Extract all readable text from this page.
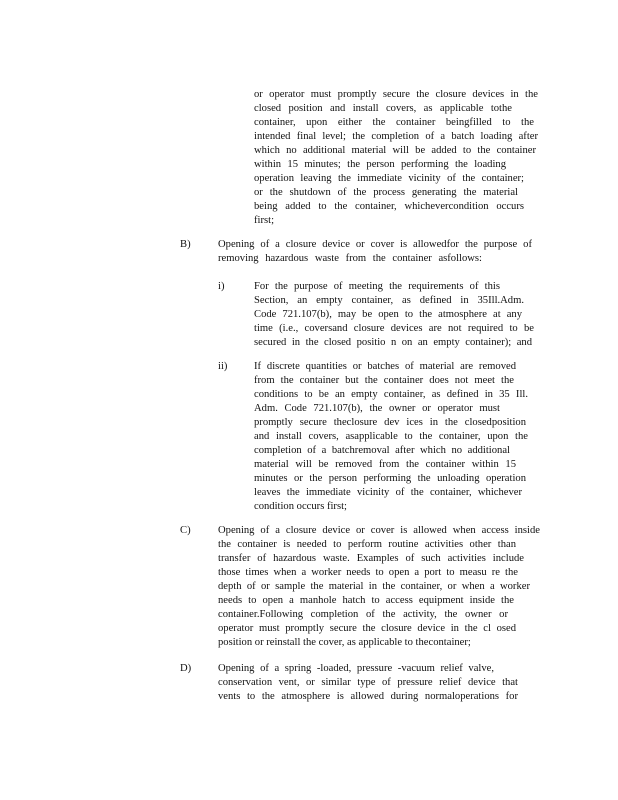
or operator must promptly secure the closure devices in the
closed position and install covers, as applicable tothe
container, upon either the container beingfilled to the
intended final level; the completion of a batch loading after
which no additional material will be added to the container
within 15 minutes; the person performing the loading
operation leaving the immediate vicinity of the container;
or the shutdown of the process generating the material
being added to the container, whichevercondition occurs
first;
B)	Opening of a closure device or cover is allowedfor the purpose of
removing hazardous waste from the container asfollows:
i)	For the purpose of meeting the requirements of this
Section, an empty container, as defined in 35Ill.Adm.
Code 721.107(b), may be open to the atmosphere at any
time (i.e., coversand closure devices are not required to be
secured in the closed positio n on an empty container); and
ii)	If discrete quantities or batches of material are removed
from the container but the container does not meet the
conditions to be an empty container, as defined in 35 Ill.
Adm. Code 721.107(b), the owner or operator must
promptly secure theclosure dev ices in the closedposition
and install covers, asapplicable to the container, upon the
completion of a batchremoval after which no additional
material will be removed from the container within 15
minutes or the person performing the unloading operation
leaves the immediate vicinity of the container, whichever
condition occurs first;
C)	Opening of a closure device or cover is allowed when access inside
the container is needed to perform routine activities other than
transfer of hazardous waste. Examples of such activities include
those times when a worker needs to open a port to measu re the
depth of or sample the material in the container, or when a worker
needs to open a manhole hatch to access equipment inside the
container.Following completion of the activity, the owner or
operator must promptly secure the closure device in the cl osed
position or reinstall the cover, as applicable to thecontainer;
D)	Opening of a spring -loaded, pressure -vacuum relief valve,
conservation vent, or similar type of pressure relief device that
vents to the atmosphere is allowed during normaloperations for
